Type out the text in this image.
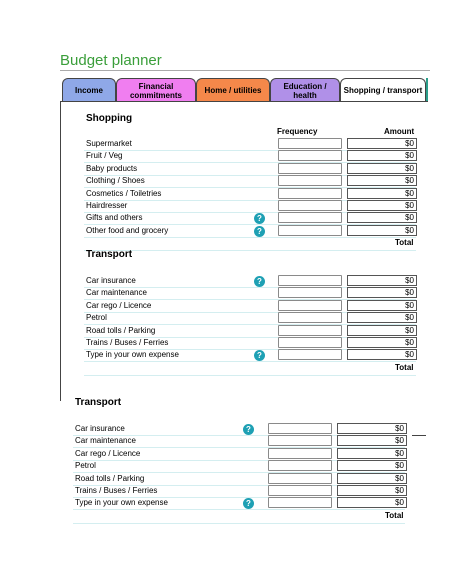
Budget planner
Income	Financial commitments	Home / utilities	Education / health	Shopping / transport
Shopping
Frequency	Amount
Supermarket	$0
Fruit / Veg	$0
Baby products	$0
Clothing / Shoes	$0
Cosmetics / Toiletries	$0
Hairdresser	$0
Gifts and others	$0
?
Other food and grocery	$0
?
Total
Transport
Car insurance	$0
?
Car maintenance	$0
Car rego / Licence	$0
Petrol	$0
Road tolls / Parking	$0
Trains / Buses / Ferries	$0
Type in your own expense	$0
?
Total
Transport
Car insurance	$0
?
Car maintenance	$0
Car rego / Licence	$0
Petrol	$0
Road tolls / Parking	$0
Trains / Buses / Ferries	$0
Type in your own expense	$0
?
Total
